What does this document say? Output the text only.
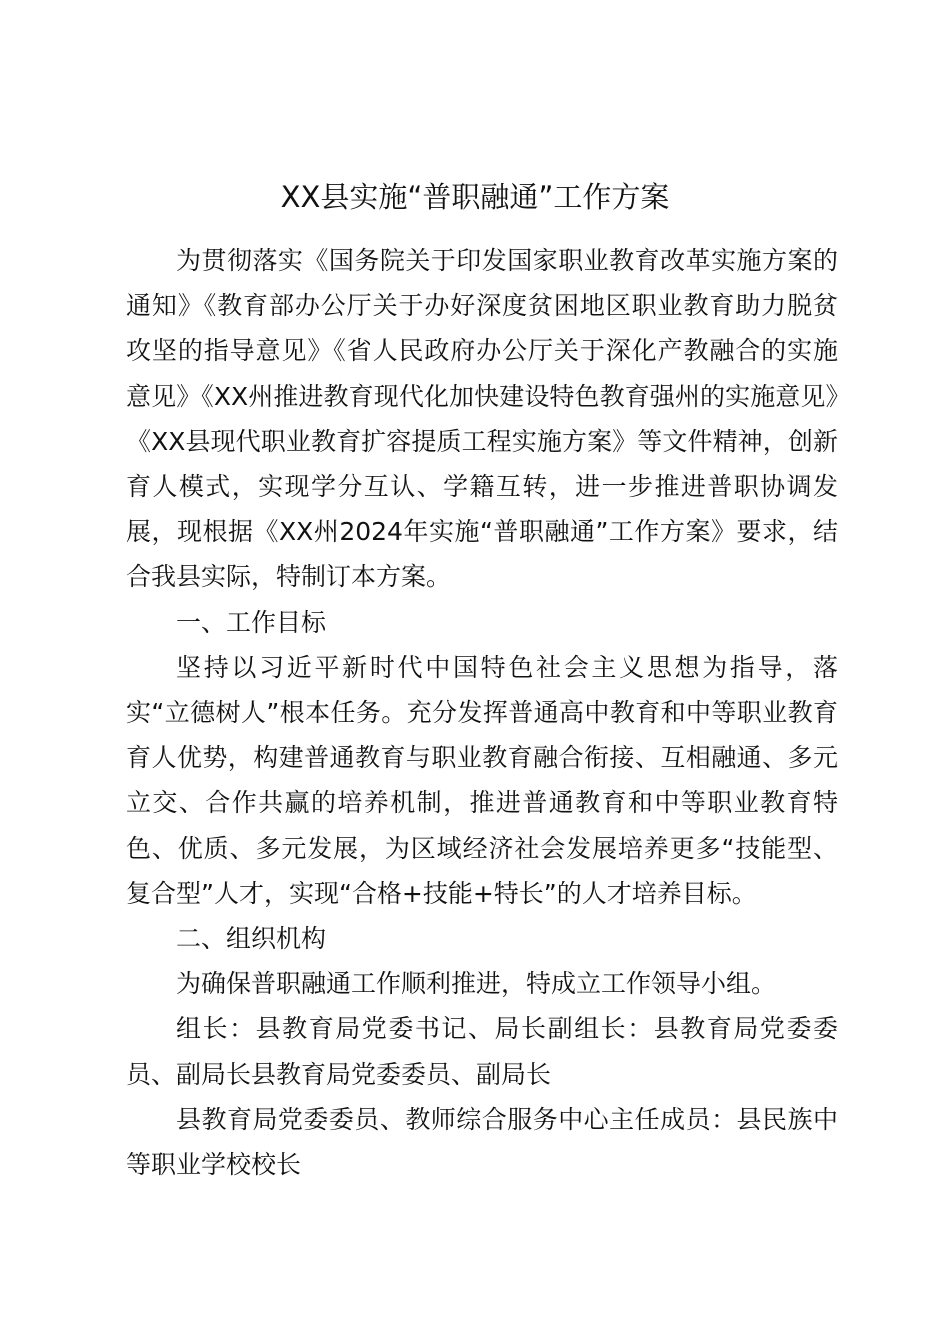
XX县实施“普职融通”工作方案

为贯彻落实《国务院关于印发国家职业教育改革实施方案的通知》《教育部办公厅关于办好深度贫困地区职业教育助力脱贫攻坚的指导意见》《省人民政府办公厅关于深化产教融合的实施意见》《XX州推进教育现代化加快建设特色教育强州的实施意见》《XX县现代职业教育扩容提质工程实施方案》等文件精神，创新育人模式，实现学分互认、学籍互转，进一步推进普职协调发展，现根据《XX州2024年实施“普职融通”工作方案》要求，结合我县实际，特制订本方案。

一、工作目标

坚持以习近平新时代中国特色社会主义思想为指导，落实“立德树人”根本任务。充分发挥普通高中教育和中等职业教育育人优势，构建普通教育与职业教育融合衔接、互相融通、多元立交、合作共赢的培养机制，推进普通教育和中等职业教育特色、优质、多元发展，为区域经济社会发展培养更多“技能型、复合型”人才，实现“合格+技能+特长”的人才培养目标。

二、组织机构

为确保普职融通工作顺利推进，特成立工作领导小组。

组长：县教育局党委书记、局长副组长：县教育局党委委员、副局长县教育局党委委员、副局长

县教育局党委委员、教师综合服务中心主任成员：县民族中等职业学校校长
